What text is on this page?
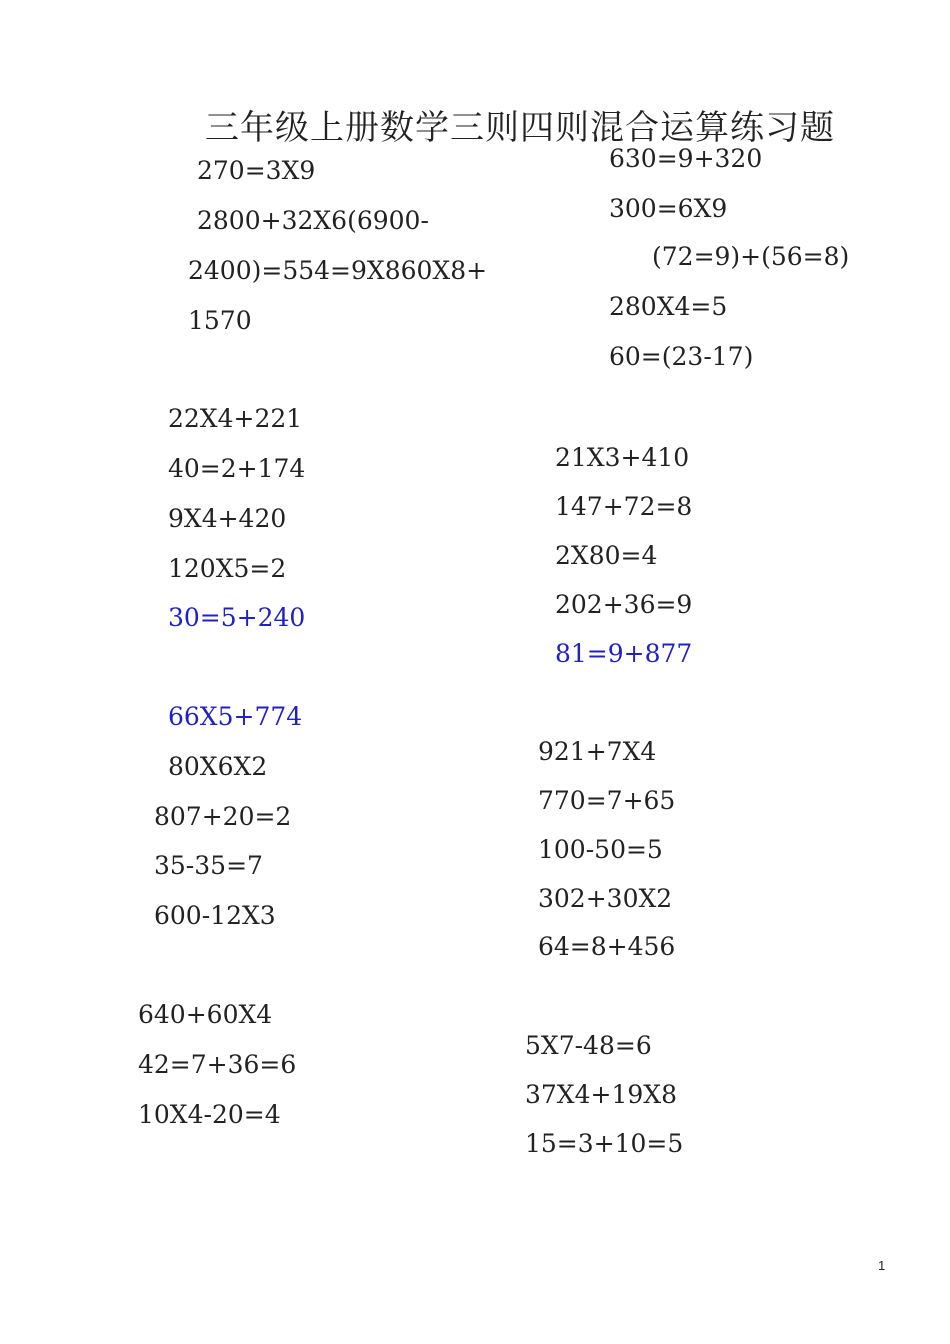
三年级上册数学三则四则混合运算练习题
270=3X9
2800+32X6(6900-
2400)=554=9X860X8+
1570
630=9+320
300=6X9
(72=9)+(56=8)
280X4=5
60=(23-17)
22X4+221
40=2+174
9X4+420
120X5=2
30=5+240
21X3+410
147+72=8
2X80=4
202+36=9
81=9+877
66X5+774
80X6X2
807+20=2
35-35=7
600-12X3
921+7X4
770=7+65
100-50=5
302+30X2
64=8+456
640+60X4
42=7+36=6
10X4-20=4
5X7-48=6
37X4+19X8
15=3+10=5
1
